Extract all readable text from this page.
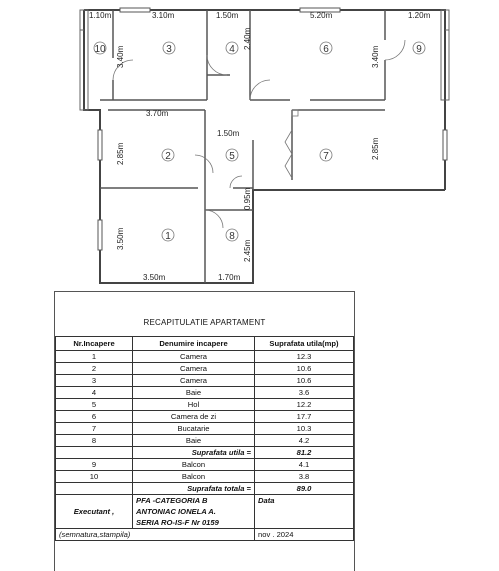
1.10m	3.10m	1.50m	5.20m	1.20m
3.40m
2.40m
3.40m
3.70m
1.50m
2.85m	2.85m
3.50m
0.95m
2.45m
3.50m	1.70m
10	3	4	6	9
2	5	7
1	8
RECAPITULATIE APARTAMENT
Nr.Incapere	Denumire incapere	Suprafata utila(mp)
1	Camera	12.3
2	Camera	10.6
3	Camera	10.6
4	Baie	3.6
5	Hol	12.2
6	Camera de zi	17.7
7	Bucatarie	10.3
8	Baie	4.2
	Suprafata utila =	81.2
9	Balcon	4.1
10	Balcon	3.8
	Suprafata totala =	89.0
Executant ,	PFA -CATEGORIA B
ANTONIAC IONELA A.
SERIA RO-IS-F Nr 0159	Data
(semnatura,stampila)		nov . 2024
